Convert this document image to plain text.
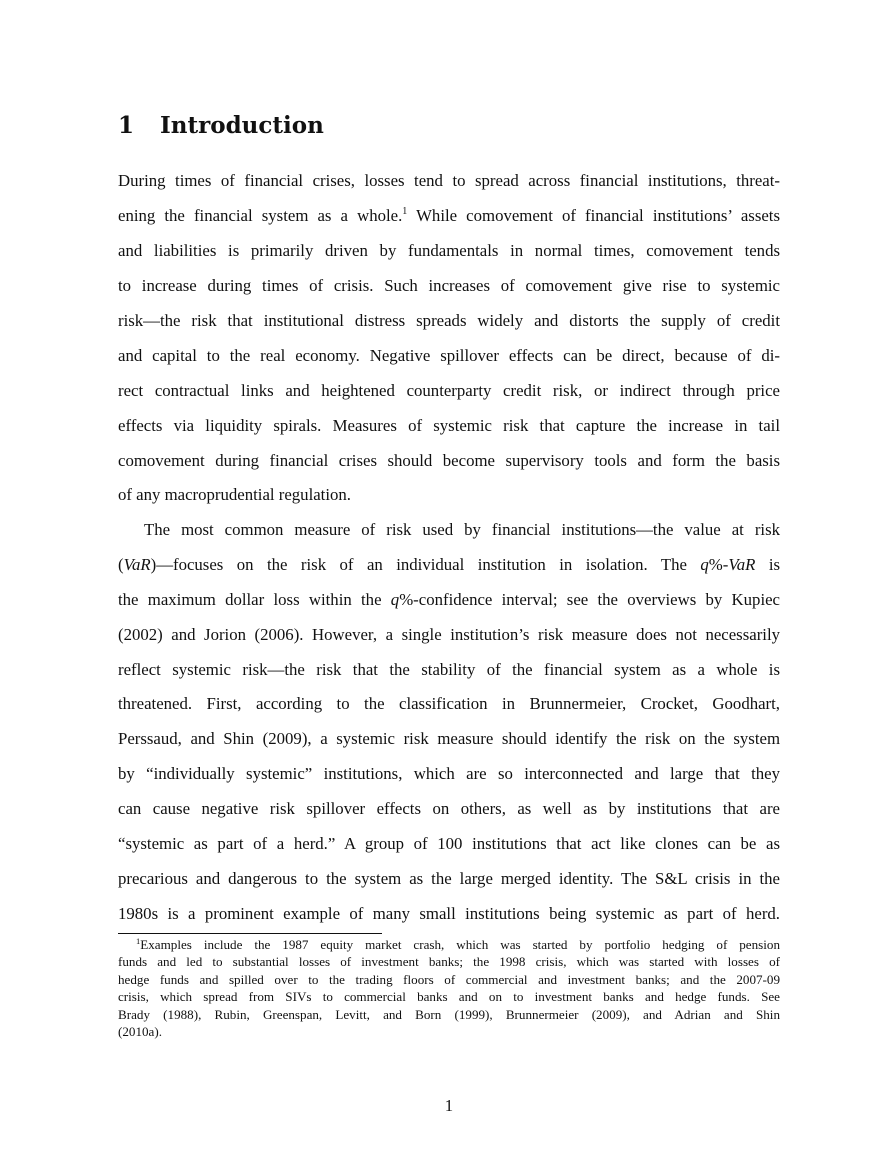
1 Introduction
During times of financial crises, losses tend to spread across financial institutions, threat-
ening the financial system as a whole.$^1$ While comovement of financial institutions’ assets
and liabilities is primarily driven by fundamentals in normal times, comovement tends
to increase during times of crisis. Such increases of comovement give rise to systemic
risk—the risk that institutional distress spreads widely and distorts the supply of credit
and capital to the real economy. Negative spillover effects can be direct, because of di-
rect contractual links and heightened counterparty credit risk, or indirect through price
effects via liquidity spirals. Measures of systemic risk that capture the increase in tail
comovement during financial crises should become supervisory tools and form the basis
of any macroprudential regulation.
The most common measure of risk used by financial institutions—the value at risk
(VaR)—focuses on the risk of an individual institution in isolation. The q%-VaR is
the maximum dollar loss within the q%-confidence interval; see the overviews by Kupiec
(2002) and Jorion (2006). However, a single institution’s risk measure does not necessarily
reflect systemic risk—the risk that the stability of the financial system as a whole is
threatened. First, according to the classification in Brunnermeier, Crocket, Goodhart,
Perssaud, and Shin (2009), a systemic risk measure should identify the risk on the system
by “individually systemic” institutions, which are so interconnected and large that they
can cause negative risk spillover effects on others, as well as by institutions that are
“systemic as part of a herd.” A group of 100 institutions that act like clones can be as
precarious and dangerous to the system as the large merged identity. The S&L crisis in the
1980s is a prominent example of many small institutions being systemic as part of herd.
$^1$Examples include the 1987 equity market crash, which was started by portfolio hedging of pension
funds and led to substantial losses of investment banks; the 1998 crisis, which was started with losses of
hedge funds and spilled over to the trading floors of commercial and investment banks; and the 2007-09
crisis, which spread from SIVs to commercial banks and on to investment banks and hedge funds. See
Brady (1988), Rubin, Greenspan, Levitt, and Born (1999), Brunnermeier (2009), and Adrian and Shin
(2010a).
1
